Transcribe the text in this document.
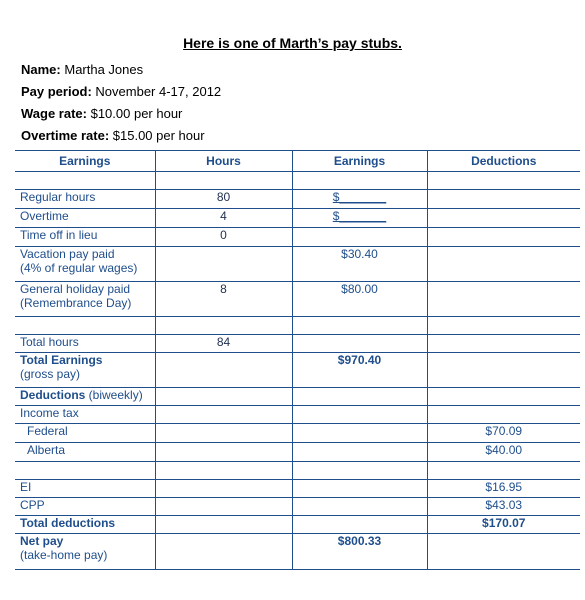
Here is one of Marth’s pay stubs.
Name: Martha Jones
Pay period: November 4-17, 2012
Wage rate: $10.00 per hour
Overtime rate: $15.00 per hour
Earnings	Hours	Earnings	Deductions

Regular hours	80	$_______	
Overtime	4	$_______	
Time off in lieu	0		

Vacation pay paid
(4% of regular wages)		$30.40	

General holiday paid
(Remembrance Day)	8	$80.00	

Total hours	84		

Total Earnings
(gross pay)		$970.40	
Deductions (biweekly)			
Income tax			
Federal			$70.09
Alberta			$40.00

EI			$16.95
CPP			$43.03
Total deductions			$170.07

Net pay
(take-home pay)		$800.33	
